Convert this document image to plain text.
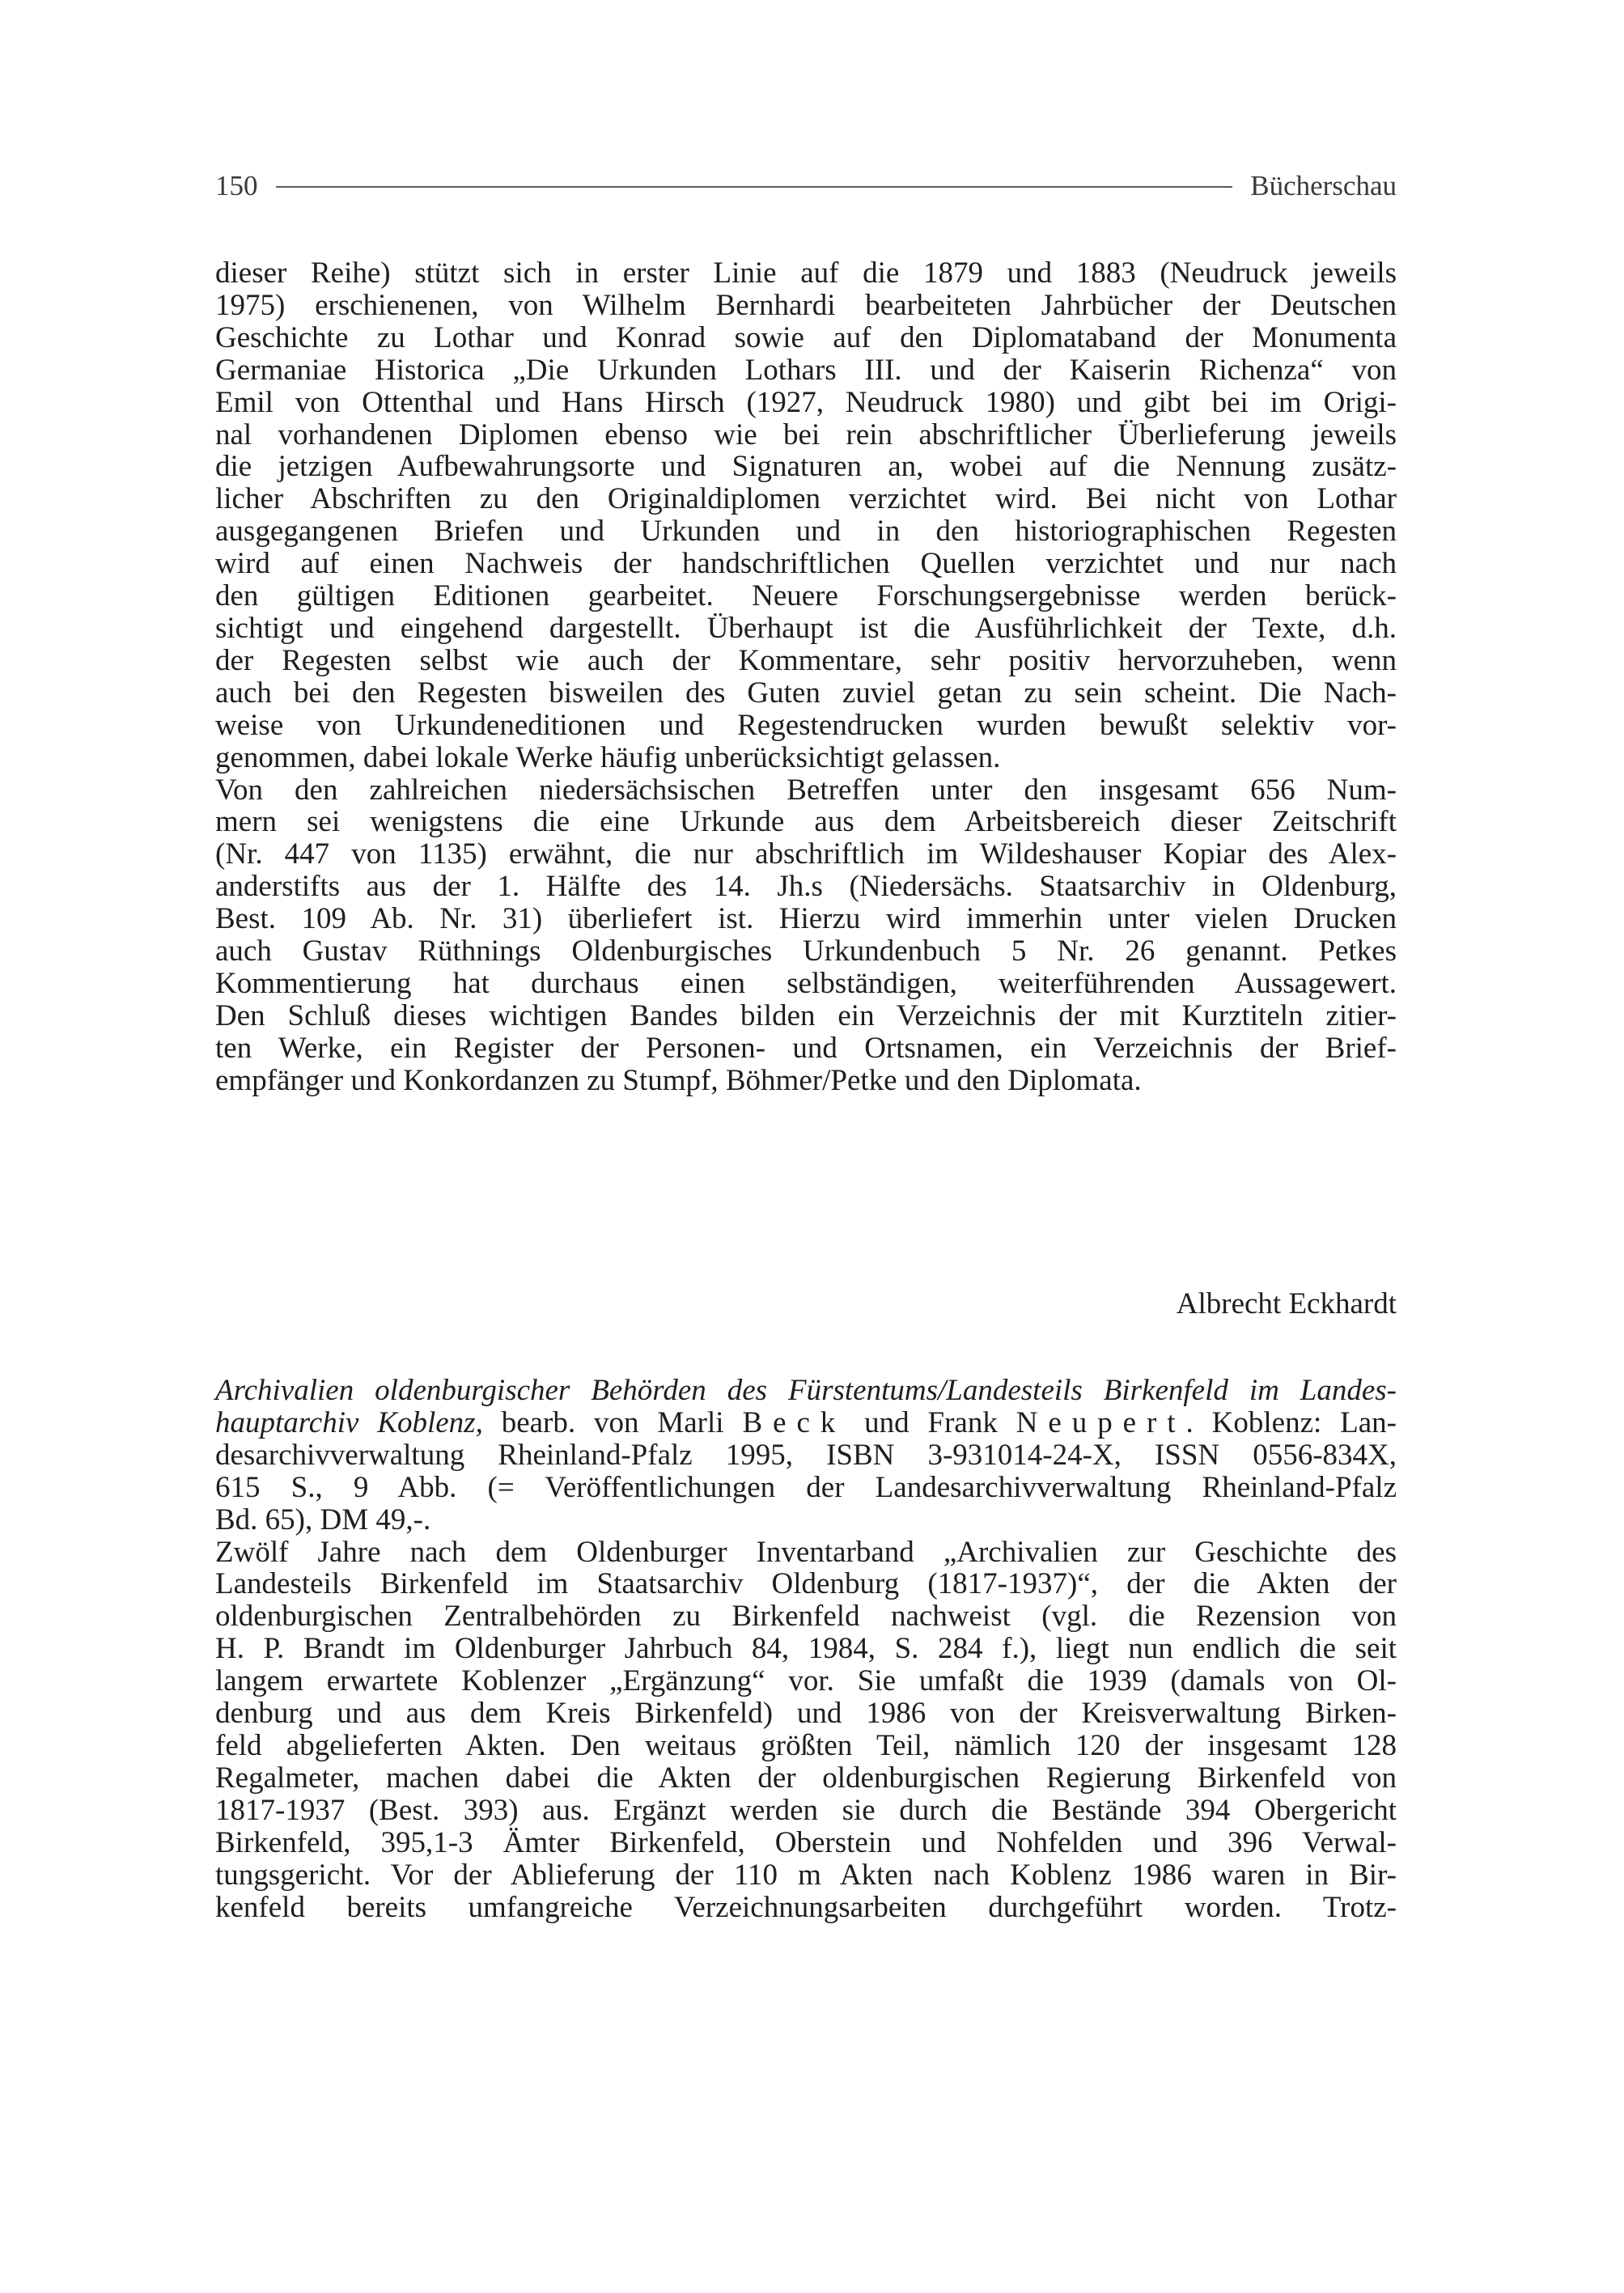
150	Bücherschau
dieser Reihe) stützt sich in erster Linie auf die 1879 und 1883 (Neudruck jeweils
1975) erschienenen, von Wilhelm Bernhardi bearbeiteten Jahrbücher der Deutschen
Geschichte zu Lothar und Konrad sowie auf den Diplomataband der Monumenta
Germaniae Historica „Die Urkunden Lothars III. und der Kaiserin Richenza“ von
Emil von Ottenthal und Hans Hirsch (1927, Neudruck 1980) und gibt bei im Origi-
nal vorhandenen Diplomen ebenso wie bei rein abschriftlicher Überlieferung jeweils
die jetzigen Aufbewahrungsorte und Signaturen an, wobei auf die Nennung zusätz-
licher Abschriften zu den Originaldiplomen verzichtet wird. Bei nicht von Lothar
ausgegangenen Briefen und Urkunden und in den historiographischen Regesten
wird auf einen Nachweis der handschriftlichen Quellen verzichtet und nur nach
den gültigen Editionen gearbeitet. Neuere Forschungsergebnisse werden berück-
sichtigt und eingehend dargestellt. Überhaupt ist die Ausführlichkeit der Texte, d.h.
der Regesten selbst wie auch der Kommentare, sehr positiv hervorzuheben, wenn
auch bei den Regesten bisweilen des Guten zuviel getan zu sein scheint. Die Nach-
weise von Urkundeneditionen und Regestendrucken wurden bewußt selektiv vor-
genommen, dabei lokale Werke häufig unberücksichtigt gelassen.
Von den zahlreichen niedersächsischen Betreffen unter den insgesamt 656 Num-
mern sei wenigstens die eine Urkunde aus dem Arbeitsbereich dieser Zeitschrift
(Nr. 447 von 1135) erwähnt, die nur abschriftlich im Wildeshauser Kopiar des Alex-
anderstifts aus der 1. Hälfte des 14. Jh.s (Niedersächs. Staatsarchiv in Oldenburg,
Best. 109 Ab. Nr. 31) überliefert ist. Hierzu wird immerhin unter vielen Drucken
auch Gustav Rüthnings Oldenburgisches Urkundenbuch 5 Nr. 26 genannt. Petkes
Kommentierung hat durchaus einen selbständigen, weiterführenden Aussagewert.
Den Schluß dieses wichtigen Bandes bilden ein Verzeichnis der mit Kurztiteln zitier-
ten Werke, ein Register der Personen- und Ortsnamen, ein Verzeichnis der Brief-
empfänger und Konkordanzen zu Stumpf, Böhmer/Petke und den Diplomata.
Albrecht Eckhardt
Archivalien oldenburgischer Behörden des Fürstentums/Landesteils Birkenfeld im Landes-
hauptarchiv Koblenz, bearb. von Marli Beck und Frank Neupert. Koblenz: Lan-
desarchivverwaltung Rheinland-Pfalz 1995, ISBN 3-931014-24-X, ISSN 0556-834X,
615 S., 9 Abb. (= Veröffentlichungen der Landesarchivverwaltung Rheinland-Pfalz
Bd. 65), DM 49,-.
Zwölf Jahre nach dem Oldenburger Inventarband „Archivalien zur Geschichte des
Landesteils Birkenfeld im Staatsarchiv Oldenburg (1817-1937)“, der die Akten der
oldenburgischen Zentralbehörden zu Birkenfeld nachweist (vgl. die Rezension von
H. P. Brandt im Oldenburger Jahrbuch 84, 1984, S. 284 f.), liegt nun endlich die seit
langem erwartete Koblenzer „Ergänzung“ vor. Sie umfaßt die 1939 (damals von Ol-
denburg und aus dem Kreis Birkenfeld) und 1986 von der Kreisverwaltung Birken-
feld abgelieferten Akten. Den weitaus größten Teil, nämlich 120 der insgesamt 128
Regalmeter, machen dabei die Akten der oldenburgischen Regierung Birkenfeld von
1817-1937 (Best. 393) aus. Ergänzt werden sie durch die Bestände 394 Obergericht
Birkenfeld, 395,1-3 Ämter Birkenfeld, Oberstein und Nohfelden und 396 Verwal-
tungsgericht. Vor der Ablieferung der 110 m Akten nach Koblenz 1986 waren in Bir-
kenfeld bereits umfangreiche Verzeichnungsarbeiten durchgeführt worden. Trotz-
